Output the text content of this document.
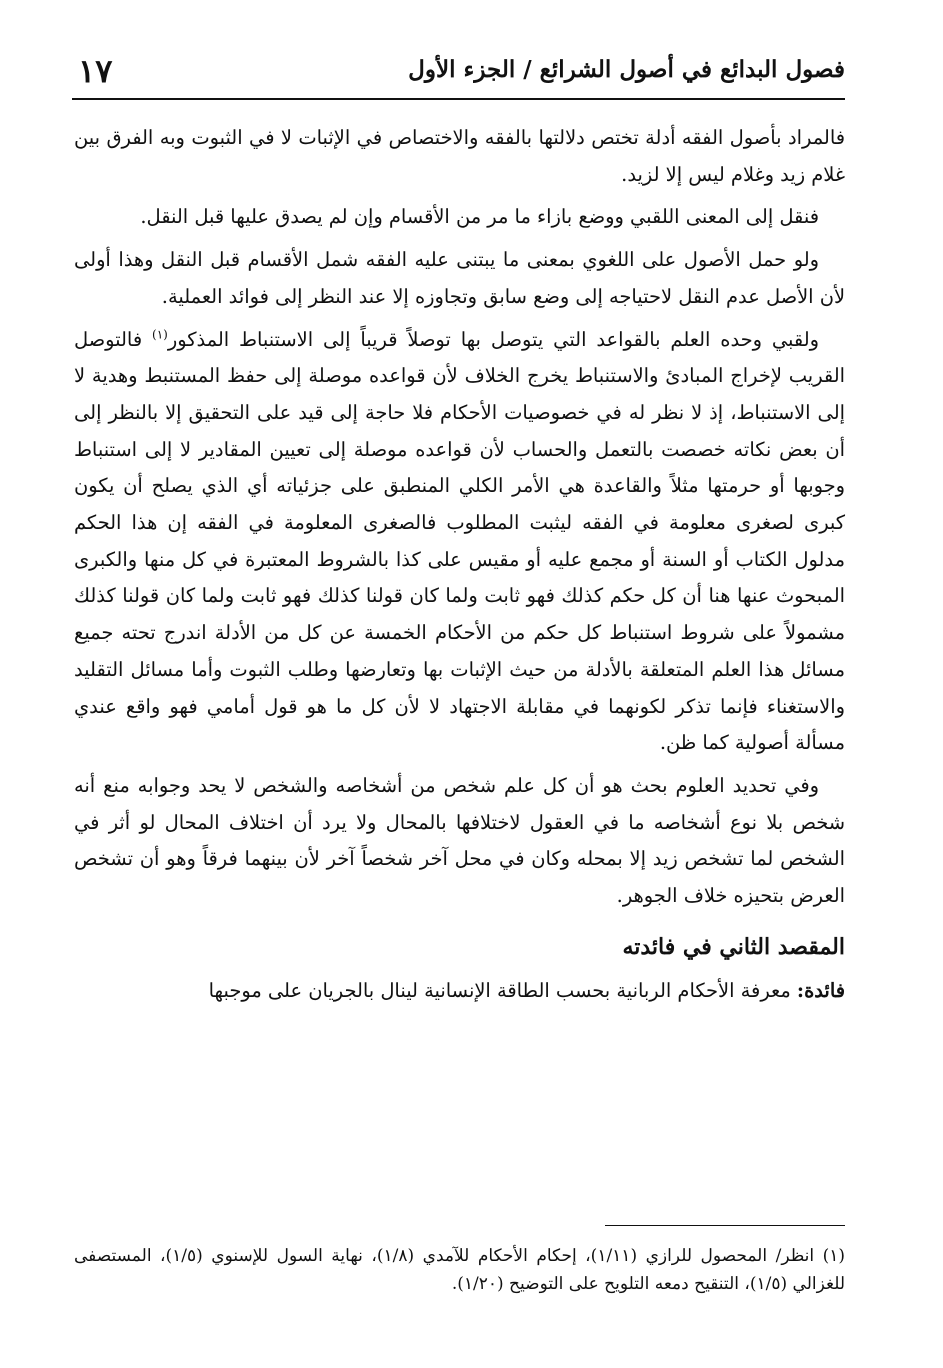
١٧	فصول البدائع في أصول الشرائع / الجزء الأول

فالمراد بأصول الفقه أدلة تختص دلالتها بالفقه والاختصاص في الإثبات لا في الثبوت وبه الفرق بين غلام زيد وغلام ليس إلا لزيد.

فنقل إلى المعنى اللقبي ووضع بازاء ما مر من الأقسام وإن لم يصدق عليها قبل النقل.

ولو حمل الأصول على اللغوي بمعنى ما يبتنى عليه الفقه شمل الأقسام قبل النقل وهذا أولى لأن الأصل عدم النقل لاحتياجه إلى وضع سابق وتجاوزه إلا عند النظر إلى فوائد العملية.

ولقبي وحده العلم بالقواعد التي يتوصل بها توصلاً قريباً إلى الاستنباط المذكور$^{(١)}$ فالتوصل القريب لإخراج المبادئ والاستنباط يخرج الخلاف لأن قواعده موصلة إلى حفظ المستنبط وهدية لا إلى الاستنباط، إذ لا نظر له في خصوصيات الأحكام فلا حاجة إلى قيد على التحقيق إلا بالنظر إلى أن بعض نكاته خصصت بالتعمل والحساب لأن قواعده موصلة إلى تعيين المقادير لا إلى استنباط وجوبها أو حرمتها مثلاً والقاعدة هي الأمر الكلي المنطبق على جزئياته أي الذي يصلح أن يكون كبرى لصغرى معلومة في الفقه ليثبت المطلوب فالصغرى المعلومة في الفقه إن هذا الحكم مدلول الكتاب أو السنة أو مجمع عليه أو مقيس على كذا بالشروط المعتبرة في كل منها والكبرى المبحوث عنها هنا أن كل حكم كذلك فهو ثابت ولما كان قولنا كذلك فهو ثابت ولما كان قولنا كذلك مشمولاً على شروط استنباط كل حكم من الأحكام الخمسة عن كل من الأدلة اندرج تحته جميع مسائل هذا العلم المتعلقة بالأدلة من حيث الإثبات بها وتعارضها وطلب الثبوت وأما مسائل التقليد والاستغناء فإنما تذكر لكونهما في مقابلة الاجتهاد لا لأن كل ما هو قول أمامي فهو واقع عندي مسألة أصولية كما ظن.

وفي تحديد العلوم بحث هو أن كل علم شخص من أشخاصه والشخص لا يحد وجوابه منع أنه شخص بلا نوع أشخاصه ما في العقول لاختلافها بالمحال ولا يرد أن اختلاف المحال لو أثر في الشخص لما تشخص زيد إلا بمحله وكان في محل آخر شخصاً آخر لأن بينهما فرقاً وهو أن تشخص العرض بتحيزه خلاف الجوهر.

المقصد الثاني في فائدته

فائدة: معرفة الأحكام الربانية بحسب الطاقة الإنسانية لينال بالجريان على موجبها

(١) انظر/ المحصول للرازي (١/١١)، إحكام الأحكام للآمدي (١/٨)، نهاية السول للإسنوي (١/٥)، المستصفى للغزالي (١/٥)، التنقيح دمعه التلويح على التوضيح (١/٢٠).
